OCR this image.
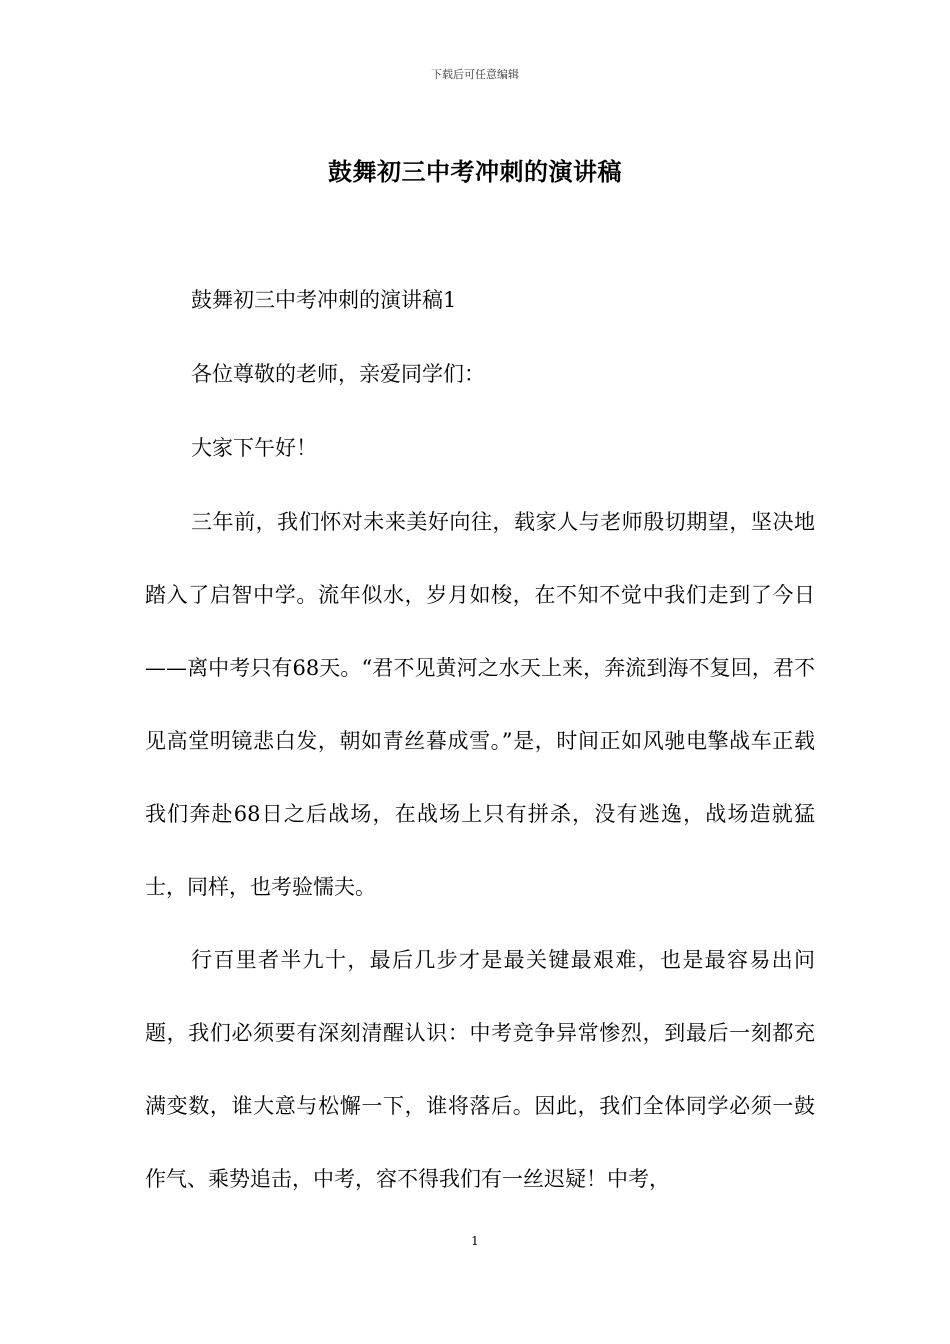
下载后可任意编辑
鼓舞初三中考冲刺的演讲稿

鼓舞初三中考冲刺的演讲稿1

各位尊敬的老师，亲爱同学们：

大家下午好！

三年前，我们怀对未来美好向往，载家人与老师殷切期望，坚决地踏入了启智中学。流年似水，岁月如梭，在不知不觉中我们走到了今日——离中考只有68天。“君不见黄河之水天上来，奔流到海不复回，君不见高堂明镜悲白发，朝如青丝暮成雪。”是，时间正如风驰电擎战车正载我们奔赴68日之后战场，在战场上只有拼杀，没有逃逸，战场造就猛士，同样，也考验懦夫。

行百里者半九十，最后几步才是最关键最艰难，也是最容易出问题，我们必须要有深刻清醒认识：中考竞争异常惨烈，到最后一刻都充满变数，谁大意与松懈一下，谁将落后。因此，我们全体同学必须一鼓作气、乘势追击，中考，容不得我们有一丝迟疑！中考，

1
